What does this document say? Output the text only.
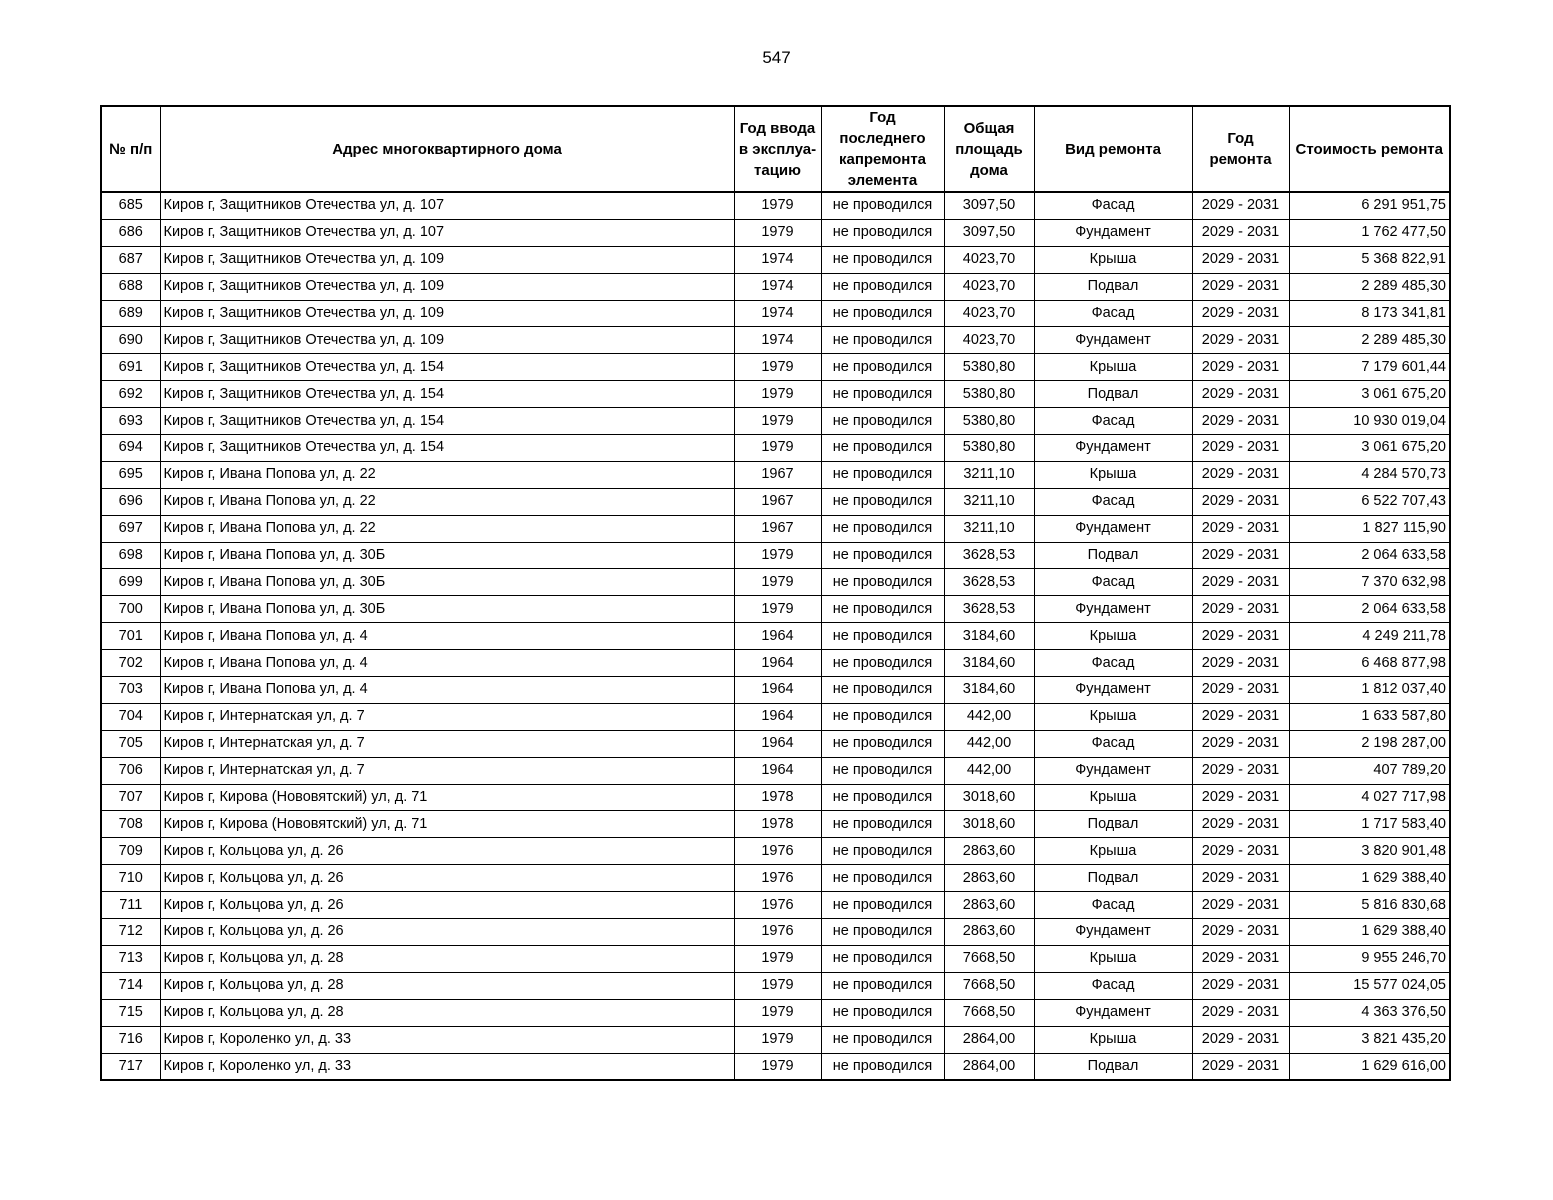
547
№ п/п	Адрес многоквартирного дома	Год ввода в эксплуа-тацию	Год последнего капремонта элемента	Общая площадь дома	Вид ремонта	Год ремонта	Стоимость ремонта
685	Киров г, Защитников Отечества ул, д. 107	1979	не проводился	3097,50	Фасад	2029 - 2031	6 291 951,75
686	Киров г, Защитников Отечества ул, д. 107	1979	не проводился	3097,50	Фундамент	2029 - 2031	1 762 477,50
687	Киров г, Защитников Отечества ул, д. 109	1974	не проводился	4023,70	Крыша	2029 - 2031	5 368 822,91
688	Киров г, Защитников Отечества ул, д. 109	1974	не проводился	4023,70	Подвал	2029 - 2031	2 289 485,30
689	Киров г, Защитников Отечества ул, д. 109	1974	не проводился	4023,70	Фасад	2029 - 2031	8 173 341,81
690	Киров г, Защитников Отечества ул, д. 109	1974	не проводился	4023,70	Фундамент	2029 - 2031	2 289 485,30
691	Киров г, Защитников Отечества ул, д. 154	1979	не проводился	5380,80	Крыша	2029 - 2031	7 179 601,44
692	Киров г, Защитников Отечества ул, д. 154	1979	не проводился	5380,80	Подвал	2029 - 2031	3 061 675,20
693	Киров г, Защитников Отечества ул, д. 154	1979	не проводился	5380,80	Фасад	2029 - 2031	10 930 019,04
694	Киров г, Защитников Отечества ул, д. 154	1979	не проводился	5380,80	Фундамент	2029 - 2031	3 061 675,20
695	Киров г, Ивана Попова ул, д. 22	1967	не проводился	3211,10	Крыша	2029 - 2031	4 284 570,73
696	Киров г, Ивана Попова ул, д. 22	1967	не проводился	3211,10	Фасад	2029 - 2031	6 522 707,43
697	Киров г, Ивана Попова ул, д. 22	1967	не проводился	3211,10	Фундамент	2029 - 2031	1 827 115,90
698	Киров г, Ивана Попова ул, д. 30Б	1979	не проводился	3628,53	Подвал	2029 - 2031	2 064 633,58
699	Киров г, Ивана Попова ул, д. 30Б	1979	не проводился	3628,53	Фасад	2029 - 2031	7 370 632,98
700	Киров г, Ивана Попова ул, д. 30Б	1979	не проводился	3628,53	Фундамент	2029 - 2031	2 064 633,58
701	Киров г, Ивана Попова ул, д. 4	1964	не проводился	3184,60	Крыша	2029 - 2031	4 249 211,78
702	Киров г, Ивана Попова ул, д. 4	1964	не проводился	3184,60	Фасад	2029 - 2031	6 468 877,98
703	Киров г, Ивана Попова ул, д. 4	1964	не проводился	3184,60	Фундамент	2029 - 2031	1 812 037,40
704	Киров г, Интернатская ул, д. 7	1964	не проводился	442,00	Крыша	2029 - 2031	1 633 587,80
705	Киров г, Интернатская ул, д. 7	1964	не проводился	442,00	Фасад	2029 - 2031	2 198 287,00
706	Киров г, Интернатская ул, д. 7	1964	не проводился	442,00	Фундамент	2029 - 2031	407 789,20
707	Киров г, Кирова (Нововятский) ул, д. 71	1978	не проводился	3018,60	Крыша	2029 - 2031	4 027 717,98
708	Киров г, Кирова (Нововятский) ул, д. 71	1978	не проводился	3018,60	Подвал	2029 - 2031	1 717 583,40
709	Киров г, Кольцова ул, д. 26	1976	не проводился	2863,60	Крыша	2029 - 2031	3 820 901,48
710	Киров г, Кольцова ул, д. 26	1976	не проводился	2863,60	Подвал	2029 - 2031	1 629 388,40
711	Киров г, Кольцова ул, д. 26	1976	не проводился	2863,60	Фасад	2029 - 2031	5 816 830,68
712	Киров г, Кольцова ул, д. 26	1976	не проводился	2863,60	Фундамент	2029 - 2031	1 629 388,40
713	Киров г, Кольцова ул, д. 28	1979	не проводился	7668,50	Крыша	2029 - 2031	9 955 246,70
714	Киров г, Кольцова ул, д. 28	1979	не проводился	7668,50	Фасад	2029 - 2031	15 577 024,05
715	Киров г, Кольцова ул, д. 28	1979	не проводился	7668,50	Фундамент	2029 - 2031	4 363 376,50
716	Киров г, Короленко ул, д. 33	1979	не проводился	2864,00	Крыша	2029 - 2031	3 821 435,20
717	Киров г, Короленко ул, д. 33	1979	не проводился	2864,00	Подвал	2029 - 2031	1 629 616,00
